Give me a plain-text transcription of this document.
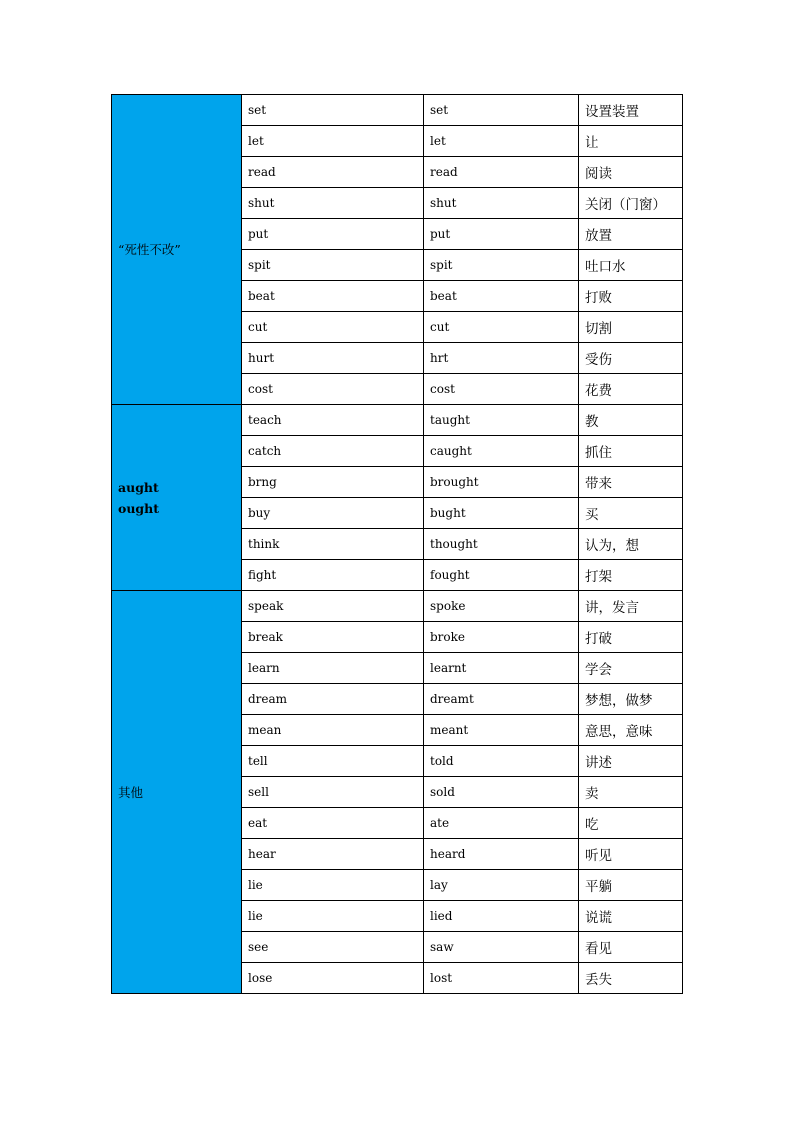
“死性不改”	set	set	设置装置
	let	let	让
	read	read	阅读
	shut	shut	关闭（门窗）
	put	put	放置
	spit	spit	吐口水
	beat	beat	打败
	cut	cut	切割
	hurt	hrt	受伤
	cost	cost	花费

aught
ought	teach	taught	教
	catch	caught	抓住
	brng	brought	带来
	buy	bught	买
	think	thought	认为，想
	fight	fought	打架

其他	speak	spoke	讲，发言
	break	broke	打破
	learn	learnt	学会
	dream	dreamt	梦想，做梦
	mean	meant	意思，意味
	tell	told	讲述
	sell	sold	卖
	eat	ate	吃
	hear	heard	听见
	lie	lay	平躺
	lie	lied	说谎
	see	saw	看见
	lose	lost	丢失
